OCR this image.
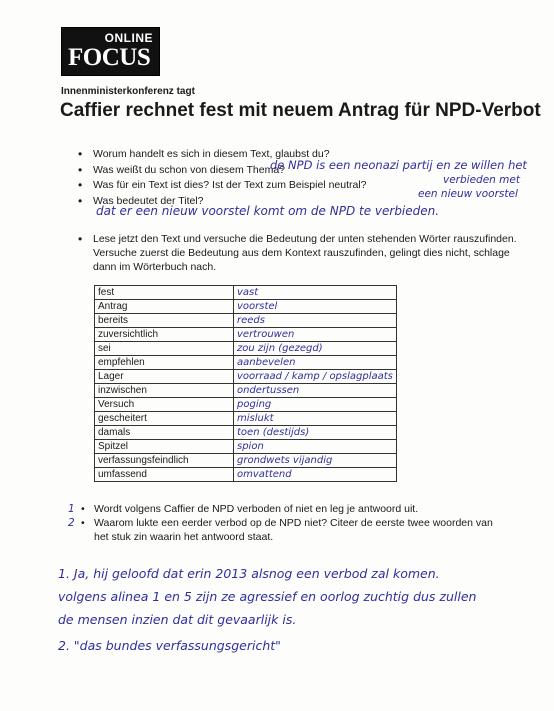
ONLINE
FOCUS
Innenministerkonferenz tagt
Caffier rechnet fest mit neuem Antrag für NPD-Verbot
• Worum handelt es sich in diesem Text, glaubst du?
• Was weißt du schon von diesem Thema?
• Was für ein Text ist dies? Ist der Text zum Beispiel neutral?
• Was bedeutet der Titel?
de NPD is een neonazi partij en ze willen het
verbieden met
een nieuw voorstel
dat er een nieuw voorstel komt om de NPD te verbieden.
• Lese jetzt den Text und versuche die Bedeutung der unten stehenden Wörter rauszufinden.
Versuche zuerst die Bedeutung aus dem Kontext rauszufinden, gelingt dies nicht, schlage
dann im Wörterbuch nach.
fest	vast
Antrag	voorstel
bereits	reeds
zuversichtlich	vertrouwen
sei	zou zijn (gezegd)
empfehlen	aanbevelen
Lager	voorraad / kamp / opslagplaats
inzwischen	ondertussen
Versuch	poging
gescheitert	mislukt
damals	toen (destijds)
Spitzel	spion
verfassungsfeindlich	grondwets vijandig
umfassend	omvattend
1 • Wordt volgens Caffier de NPD verboden of niet en leg je antwoord uit.
2 • Waarom lukte een eerder verbod op de NPD niet? Citeer de eerste twee woorden van het stuk zin waarin het antwoord staat.
1. Ja, hij geloofd dat erin 2013 alsnog een verbod zal komen.
volgens alinea 1 en 5 zijn ze agressief en oorlog zuchtig dus zullen
de mensen inzien dat dit gevaarlijk is.
2. "das bundes verfassungsgericht"
